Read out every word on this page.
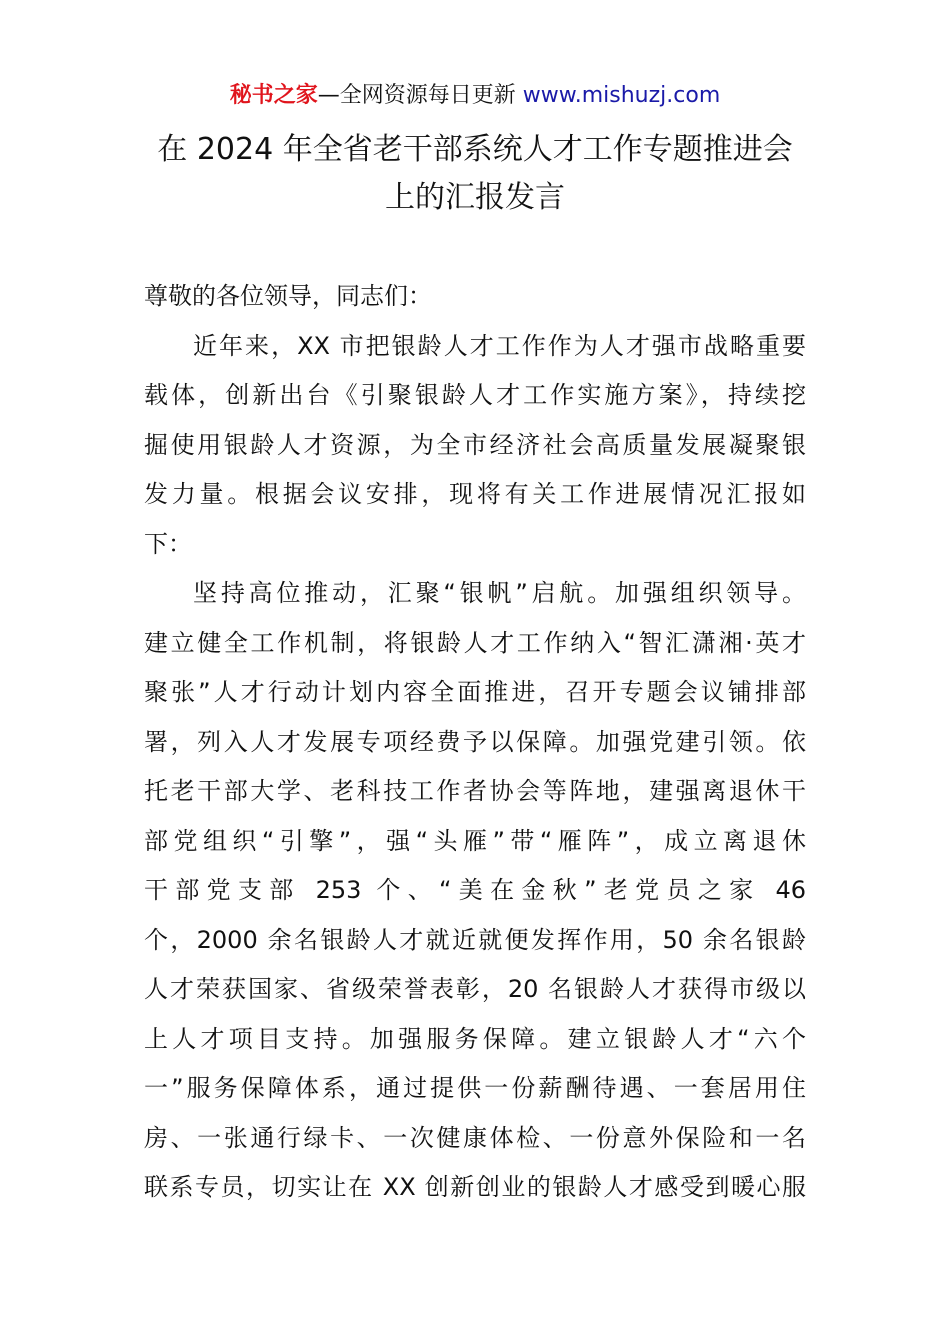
秘书之家—全网资源每日更新 www.mishuzj.com
在 2024 年全省老干部系统人才工作专题推进会
上的汇报发言
尊敬的各位领导，同志们：
近年来，XX 市把银龄人才工作作为人才强市战略重要
载体，创新出台《引聚银龄人才工作实施方案》，持续挖
掘使用银龄人才资源，为全市经济社会高质量发展凝聚银
发力量。根据会议安排，现将有关工作进展情况汇报如
下：
坚持高位推动，汇聚“银帆”启航。加强组织领导。
建立健全工作机制，将银龄人才工作纳入“智汇潇湘·英才
聚张”人才行动计划内容全面推进，召开专题会议铺排部
署，列入人才发展专项经费予以保障。加强党建引领。依
托老干部大学、老科技工作者协会等阵地，建强离退休干
部党组织“引擎”，强“头雁”带“雁阵”，成立离退休
干部党支部 253 个、“美在金秋”老党员之家 46
个，2000 余名银龄人才就近就便发挥作用，50 余名银龄
人才荣获国家、省级荣誉表彰，20 名银龄人才获得市级以
上人才项目支持。加强服务保障。建立银龄人才“六个
一”服务保障体系，通过提供一份薪酬待遇、一套居用住
房、一张通行绿卡、一次健康体检、一份意外保险和一名
联系专员，切实让在 XX 创新创业的银龄人才感受到暖心服
